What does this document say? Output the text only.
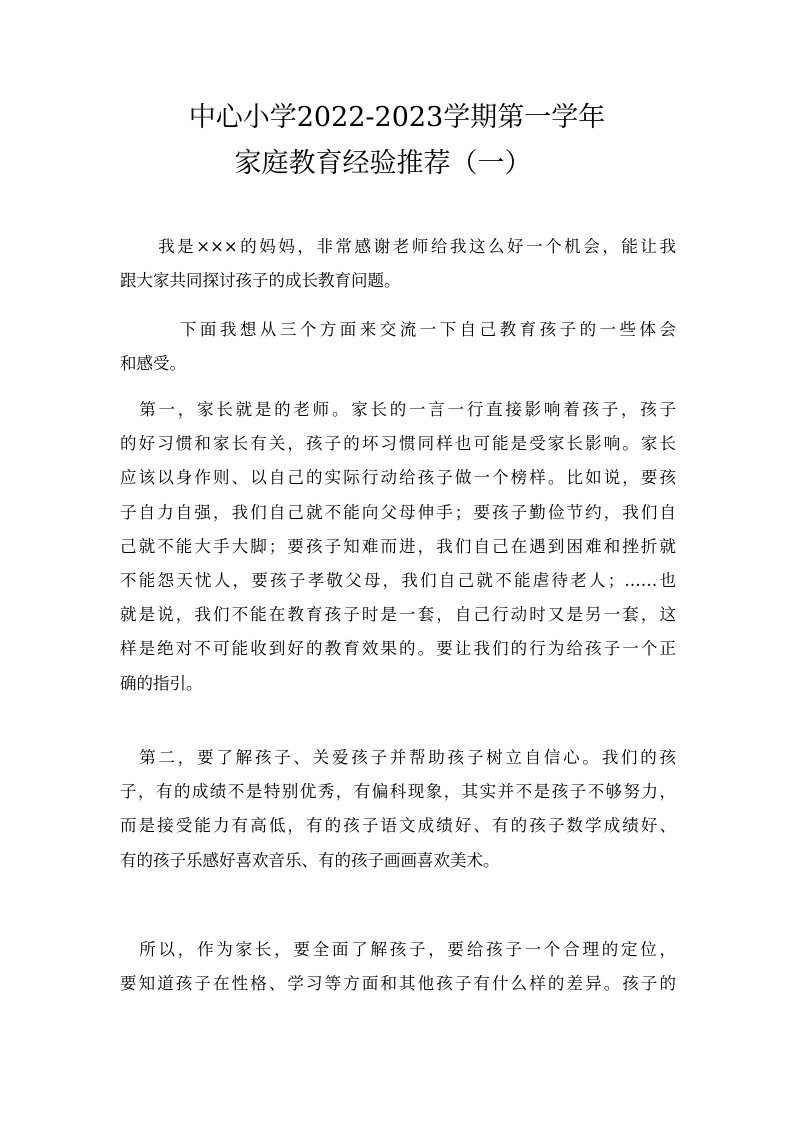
中心小学2022-2023学期第一学年
家庭教育经验推荐（一）

　　我是×××的妈妈，非常感谢老师给我这么好一个机会，能让我
跟大家共同探讨孩子的成长教育问题。

　　　下面我想从三个方面来交流一下自己教育孩子的一些体会
和感受。

　第一，家长就是的老师。家长的一言一行直接影响着孩子，孩子
的好习惯和家长有关，孩子的坏习惯同样也可能是受家长影响。家长
应该以身作则、以自己的实际行动给孩子做一个榜样。比如说，要孩
子自力自强，我们自己就不能向父母伸手；要孩子勤俭节约，我们自
己就不能大手大脚；要孩子知难而进，我们自己在遇到困难和挫折就
不能怨天忧人，要孩子孝敬父母，我们自己就不能虐待老人；……也
就是说，我们不能在教育孩子时是一套，自己行动时又是另一套，这
样是绝对不可能收到好的教育效果的。要让我们的行为给孩子一个正
确的指引。

　第二，要了解孩子、关爱孩子并帮助孩子树立自信心。我们的孩
子，有的成绩不是特别优秀，有偏科现象，其实并不是孩子不够努力，
而是接受能力有高低，有的孩子语文成绩好、有的孩子数学成绩好、
有的孩子乐感好喜欢音乐、有的孩子画画喜欢美术。

　所以，作为家长，要全面了解孩子，要给孩子一个合理的定位，
要知道孩子在性格、学习等方面和其他孩子有什么样的差异。孩子的
